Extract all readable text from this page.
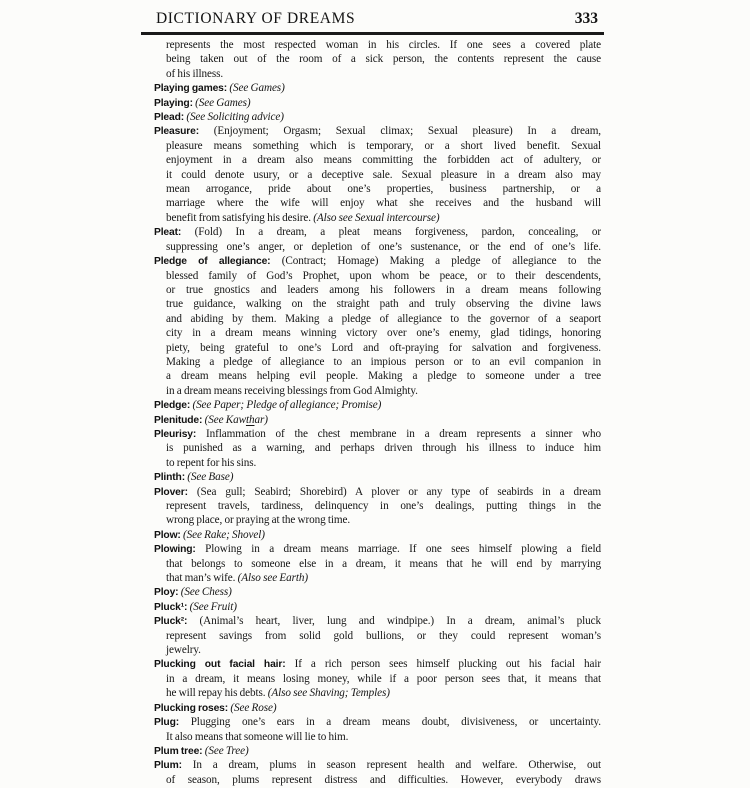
DICTIONARY OF DREAMS	333
represents the most respected woman in his circles. If one sees a covered plate
being taken out of the room of a sick person, the contents represent the cause
of his illness.
Playing games: (See Games)
Playing: (See Games)
Plead: (See Soliciting advice)
Pleasure: (Enjoyment; Orgasm; Sexual climax; Sexual pleasure) In a dream,
pleasure means something which is temporary, or a short lived benefit. Sexual
enjoyment in a dream also means committing the forbidden act of adultery, or
it could denote usury, or a deceptive sale. Sexual pleasure in a dream also may
mean arrogance, pride about one’s properties, business partnership, or a
marriage where the wife will enjoy what she receives and the husband will
benefit from satisfying his desire. (Also see Sexual intercourse)
Pleat: (Fold) In a dream, a pleat means forgiveness, pardon, concealing, or
suppressing one’s anger, or depletion of one’s sustenance, or the end of one’s life.
Pledge of allegiance: (Contract; Homage) Making a pledge of allegiance to the
blessed family of God’s Prophet, upon whom be peace, or to their descendents,
or true gnostics and leaders among his followers in a dream means following
true guidance, walking on the straight path and truly observing the divine laws
and abiding by them. Making a pledge of allegiance to the governor of a seaport
city in a dream means winning victory over one’s enemy, glad tidings, honoring
piety, being grateful to one’s Lord and oft-praying for salvation and forgiveness.
Making a pledge of allegiance to an impious person or to an evil companion in
a dream means helping evil people. Making a pledge to someone under a tree
in a dream means receiving blessings from God Almighty.
Pledge: (See Paper; Pledge of allegiance; Promise)
Plenitude: (See Kawthar)
Pleurisy: Inflammation of the chest membrane in a dream represents a sinner who
is punished as a warning, and perhaps driven through his illness to induce him
to repent for his sins.
Plinth: (See Base)
Plover: (Sea gull; Seabird; Shorebird) A plover or any type of seabirds in a dream
represent travels, tardiness, delinquency in one’s dealings, putting things in the
wrong place, or praying at the wrong time.
Plow: (See Rake; Shovel)
Plowing: Plowing in a dream means marriage. If one sees himself plowing a field
that belongs to someone else in a dream, it means that he will end by marrying
that man’s wife. (Also see Earth)
Ploy: (See Chess)
Pluck¹: (See Fruit)
Pluck²: (Animal’s heart, liver, lung and windpipe.) In a dream, animal’s pluck
represent savings from solid gold bullions, or they could represent woman’s
jewelry.
Plucking out facial hair: If a rich person sees himself plucking out his facial hair
in a dream, it means losing money, while if a poor person sees that, it means that
he will repay his debts. (Also see Shaving; Temples)
Plucking roses: (See Rose)
Plug: Plugging one’s ears in a dream means doubt, divisiveness, or uncertainty.
It also means that someone will lie to him.
Plum tree: (See Tree)
Plum: In a dream, plums in season represent health and welfare. Otherwise, out
of season, plums represent distress and difficulties. However, everybody draws
